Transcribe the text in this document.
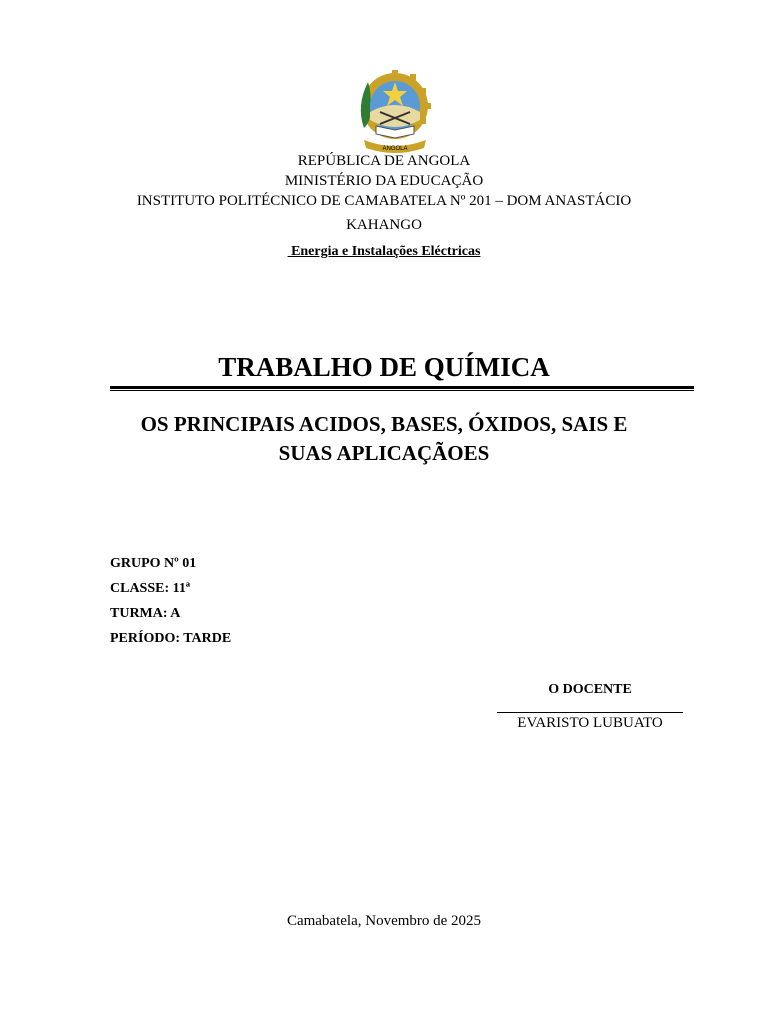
ANGOLA
REPÚBLICA DE ANGOLA
MINISTÉRIO DA EDUCAÇÃO
INSTITUTO POLITÉCNICO DE CAMABATELA Nº 201 – DOM ANASTÁCIO
KAHANGO
Energia e Instalações Eléctricas
TRABALHO DE QUÍMICA
OS PRINCIPAIS ACIDOS, BASES, ÓXIDOS, SAIS E
SUAS APLICAÇÃOES
GRUPO Nº 01
CLASSE: 11ª
TURMA: A
PERÍODO: TARDE
O DOCENTE
EVARISTO LUBUATO
Camabatela, Novembro de 2025
